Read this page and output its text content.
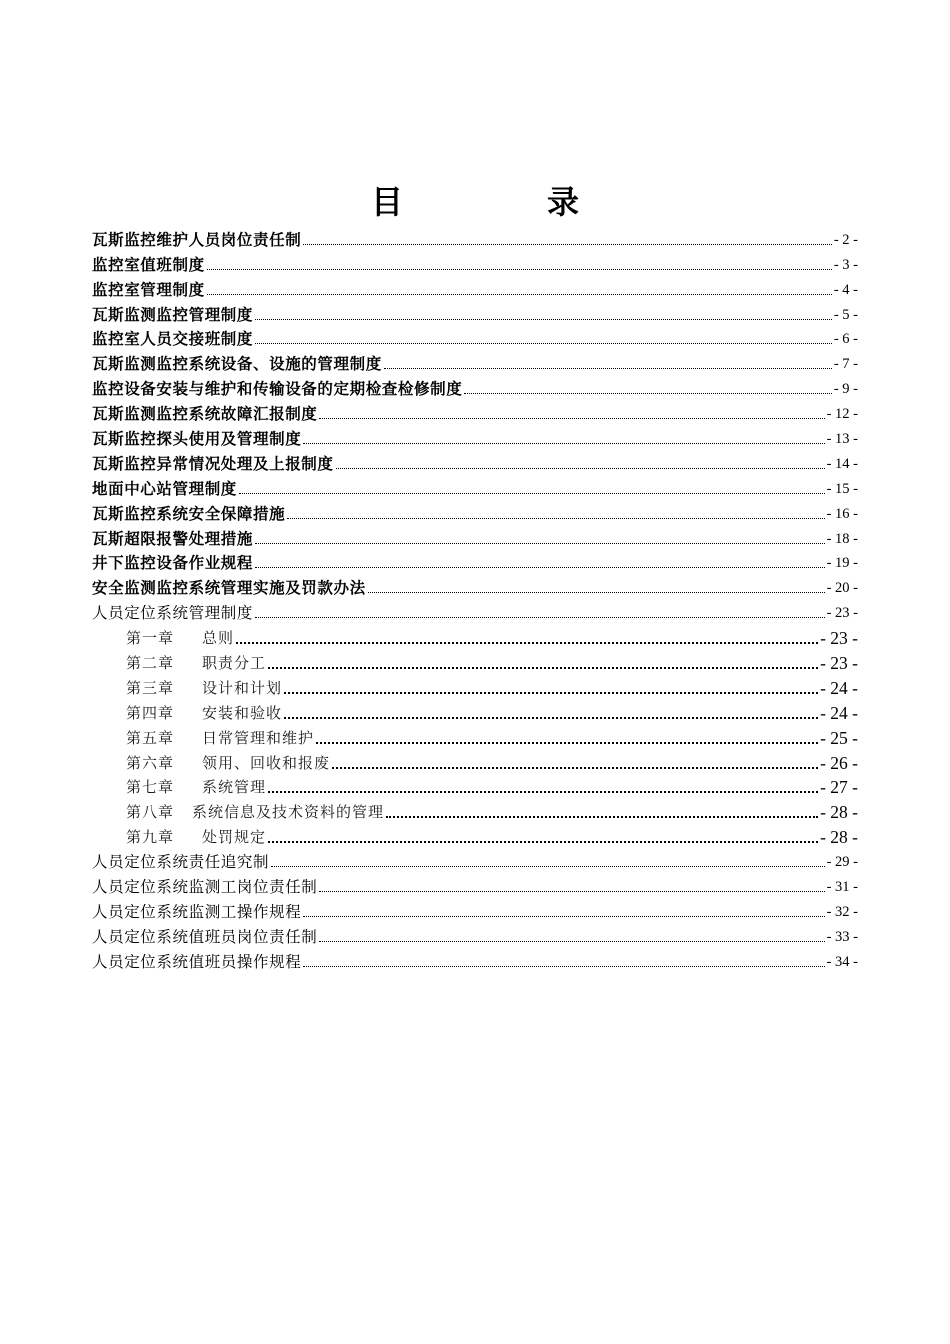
目　录
瓦斯监控维护人员岗位责任制	- 2 -
监控室值班制度	- 3 -
监控室管理制度	- 4 -
瓦斯监测监控管理制度	- 5 -
监控室人员交接班制度	- 6 -
瓦斯监测监控系统设备、设施的管理制度	- 7 -
监控设备安装与维护和传输设备的定期检查检修制度	- 9 -
瓦斯监测监控系统故障汇报制度	- 12 -
瓦斯监控探头使用及管理制度	- 13 -
瓦斯监控异常情况处理及上报制度	- 14 -
地面中心站管理制度	- 15 -
瓦斯监控系统安全保障措施	- 16 -
瓦斯超限报警处理措施	- 18 -
井下监控设备作业规程	- 19 -
安全监测监控系统管理实施及罚款办法	- 20 -
人员定位系统管理制度	- 23 -
第一章 总则	- 23 -
第二章 职责分工	- 23 -
第三章 设计和计划	- 24 -
第四章 安装和验收	- 24 -
第五章 日常管理和维护	- 25 -
第六章 领用、回收和报废	- 26 -
第七章 系统管理	- 27 -
第八章 系统信息及技术资料的管理	- 28 -
第九章 处罚规定	- 28 -
人员定位系统责任追究制	- 29 -
人员定位系统监测工岗位责任制	- 31 -
人员定位系统监测工操作规程	- 32 -
人员定位系统值班员岗位责任制	- 33 -
人员定位系统值班员操作规程	- 34 -
